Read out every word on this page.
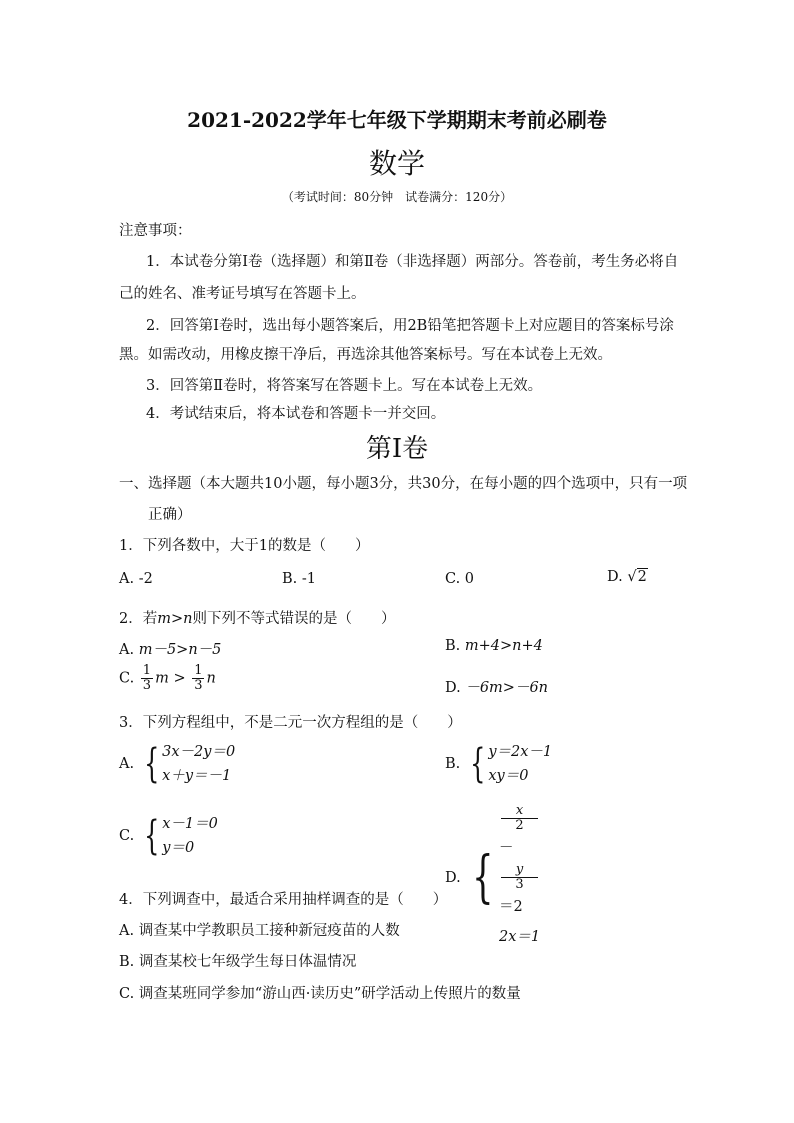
2021-2022学年七年级下学期期末考前必刷卷
数学
（考试时间：80分钟　试卷满分：120分）
注意事项：
1．本试卷分第Ⅰ卷（选择题）和第Ⅱ卷（非选择题）两部分。答卷前，考生务必将自
己的姓名、准考证号填写在答题卡上。
2．回答第Ⅰ卷时，选出每小题答案后，用2B铅笔把答题卡上对应题目的答案标号涂
黑。如需改动，用橡皮擦干净后，再选涂其他答案标号。写在本试卷上无效。
3．回答第Ⅱ卷时，将答案写在答题卡上。写在本试卷上无效。
4．考试结束后，将本试卷和答题卡一并交回。
第Ⅰ卷
一、选择题（本大题共10小题，每小题3分，共30分，在每小题的四个选项中，只有一项
正确）
1．下列各数中，大于1的数是（　　）
A. -2	B. -1	C. 0	D. √2
2．若m>n则下列不等式错误的是（　　）
A. m－5>n－5	B. m+4>n+4
C. $\frac{1}{3}$ $m > \frac{1}{3}$ n
D. －6m>－6n
3．下列方程组中，不是二元一次方程组的是（　　）
A. { 3x－2y＝0
x＋y＝－1
B. { y＝2x－1
xy＝0
C. { x－1＝0
y＝0
D. {
x
2
－
y
3
＝2
2x＝1
4．下列调查中，最适合采用抽样调查的是（　　）
A. 调查某中学教职员工接种新冠疫苗的人数
B. 调查某校七年级学生每日体温情况
C. 调查某班同学参加“游山西·读历史”研学活动上传照片的数量
